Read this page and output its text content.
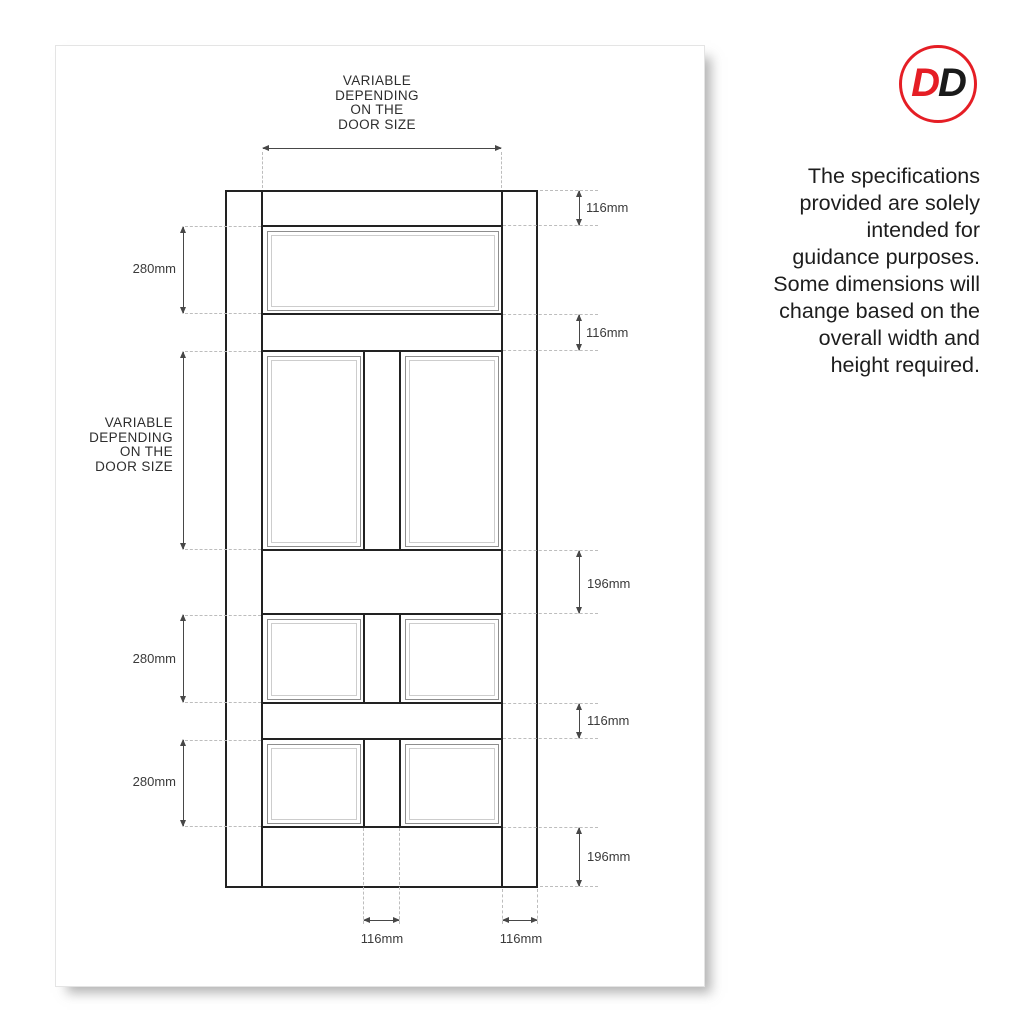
VARIABLE
DEPENDING
ON THE
DOOR SIZE
VARIABLE
DEPENDING
ON THE
DOOR SIZE
280mm
280mm
280mm
116mm
116mm
196mm
116mm
196mm
116mm	116mm
D D
The specifications
provided are solely
intended for
guidance purposes.
Some dimensions will
change based on the
overall width and
height required.
